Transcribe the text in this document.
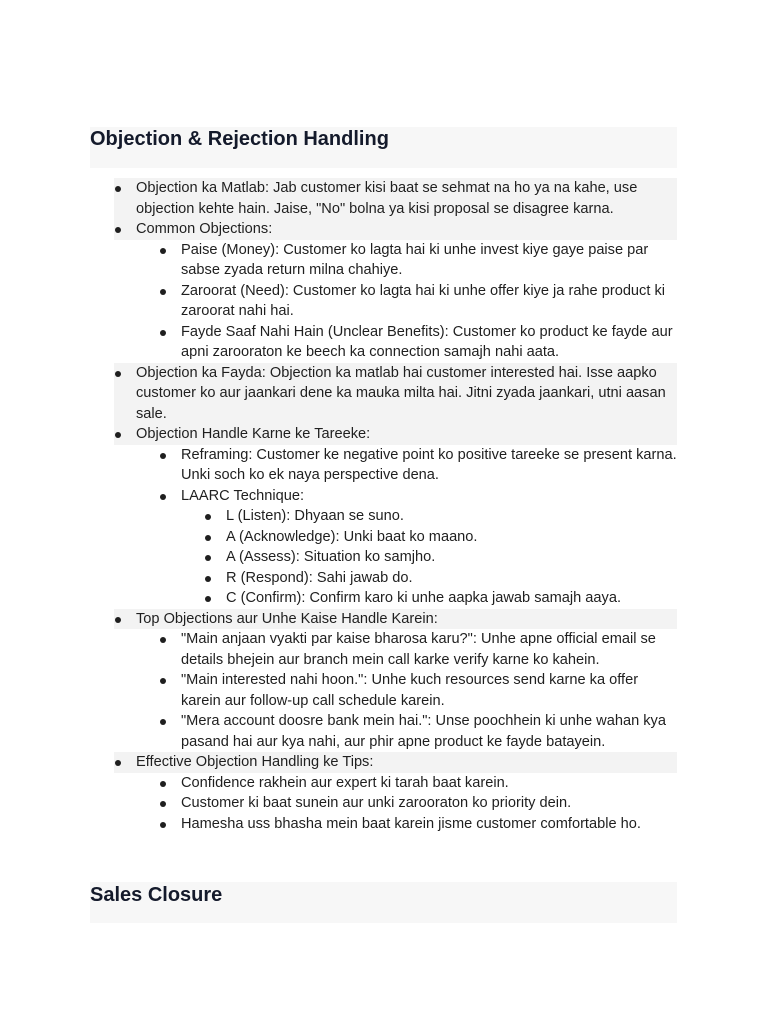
Objection & Rejection Handling
Objection ka Matlab: Jab customer kisi baat se sehmat na ho ya na kahe, use objection kehte hain. Jaise, "No" bolna ya kisi proposal se disagree karna.
Common Objections:
Paise (Money): Customer ko lagta hai ki unhe invest kiye gaye paise par sabse zyada return milna chahiye.
Zaroorat (Need): Customer ko lagta hai ki unhe offer kiye ja rahe product ki zaroorat nahi hai.
Fayde Saaf Nahi Hain (Unclear Benefits): Customer ko product ke fayde aur apni zarooraton ke beech ka connection samajh nahi aata.
Objection ka Fayda: Objection ka matlab hai customer interested hai. Isse aapko customer ko aur jaankari dene ka mauka milta hai. Jitni zyada jaankari, utni aasan sale.
Objection Handle Karne ke Tareeke:
Reframing: Customer ke negative point ko positive tareeke se present karna. Unki soch ko ek naya perspective dena.
LAARC Technique:
L (Listen): Dhyaan se suno.
A (Acknowledge): Unki baat ko maano.
A (Assess): Situation ko samjho.
R (Respond): Sahi jawab do.
C (Confirm): Confirm karo ki unhe aapka jawab samajh aaya.
Top Objections aur Unhe Kaise Handle Karein:
"Main anjaan vyakti par kaise bharosa karu?": Unhe apne official email se details bhejein aur branch mein call karke verify karne ko kahein.
"Main interested nahi hoon.": Unhe kuch resources send karne ka offer karein aur follow-up call schedule karein.
"Mera account doosre bank mein hai.": Unse poochhein ki unhe wahan kya pasand hai aur kya nahi, aur phir apne product ke fayde batayein.
Effective Objection Handling ke Tips:
Confidence rakhein aur expert ki tarah baat karein.
Customer ki baat sunein aur unki zarooraton ko priority dein.
Hamesha uss bhasha mein baat karein jisme customer comfortable ho.
Sales Closure
